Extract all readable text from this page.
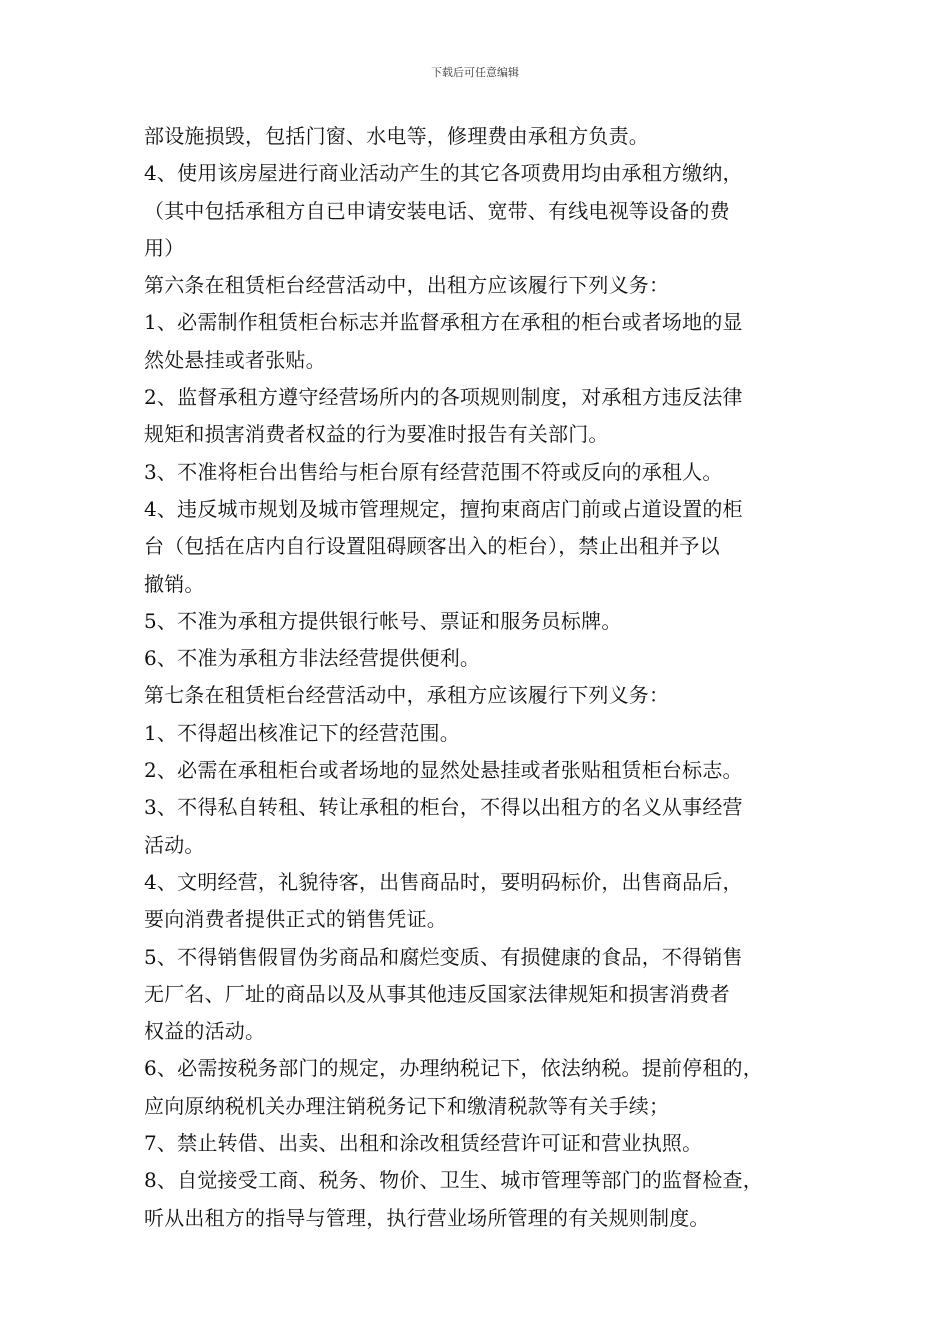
下载后可任意编辑
部设施损毁，包括门窗、水电等，修理费由承租方负责。
4、使用该房屋进行商业活动产生的其它各项费用均由承租方缴纳，
（其中包括承租方自已申请安装电话、宽带、有线电视等设备的费
用）
第六条在租赁柜台经营活动中，出租方应该履行下列义务：
1、必需制作租赁柜台标志并监督承租方在承租的柜台或者场地的显
然处悬挂或者张贴。
2、监督承租方遵守经营场所内的各项规则制度，对承租方违反法律
规矩和损害消费者权益的行为要准时报告有关部门。
3、不准将柜台出售给与柜台原有经营范围不符或反向的承租人。
4、违反城市规划及城市管理规定，擅拘束商店门前或占道设置的柜
台（包括在店内自行设置阻碍顾客出入的柜台），禁止出租并予以
撤销。
5、不准为承租方提供银行帐号、票证和服务员标牌。
6、不准为承租方非法经营提供便利。
第七条在租赁柜台经营活动中，承租方应该履行下列义务：
1、不得超出核准记下的经营范围。
2、必需在承租柜台或者场地的显然处悬挂或者张贴租赁柜台标志。
3、不得私自转租、转让承租的柜台，不得以出租方的名义从事经营
活动。
4、文明经营，礼貌待客，出售商品时，要明码标价，出售商品后，
要向消费者提供正式的销售凭证。
5、不得销售假冒伪劣商品和腐烂变质、有损健康的食品，不得销售
无厂名、厂址的商品以及从事其他违反国家法律规矩和损害消费者
权益的活动。
6、必需按税务部门的规定，办理纳税记下，依法纳税。提前停租的，
应向原纳税机关办理注销税务记下和缴清税款等有关手续；
7、禁止转借、出卖、出租和涂改租赁经营许可证和营业执照。
8、自觉接受工商、税务、物价、卫生、城市管理等部门的监督检查，
听从出租方的指导与管理，执行营业场所管理的有关规则制度。
